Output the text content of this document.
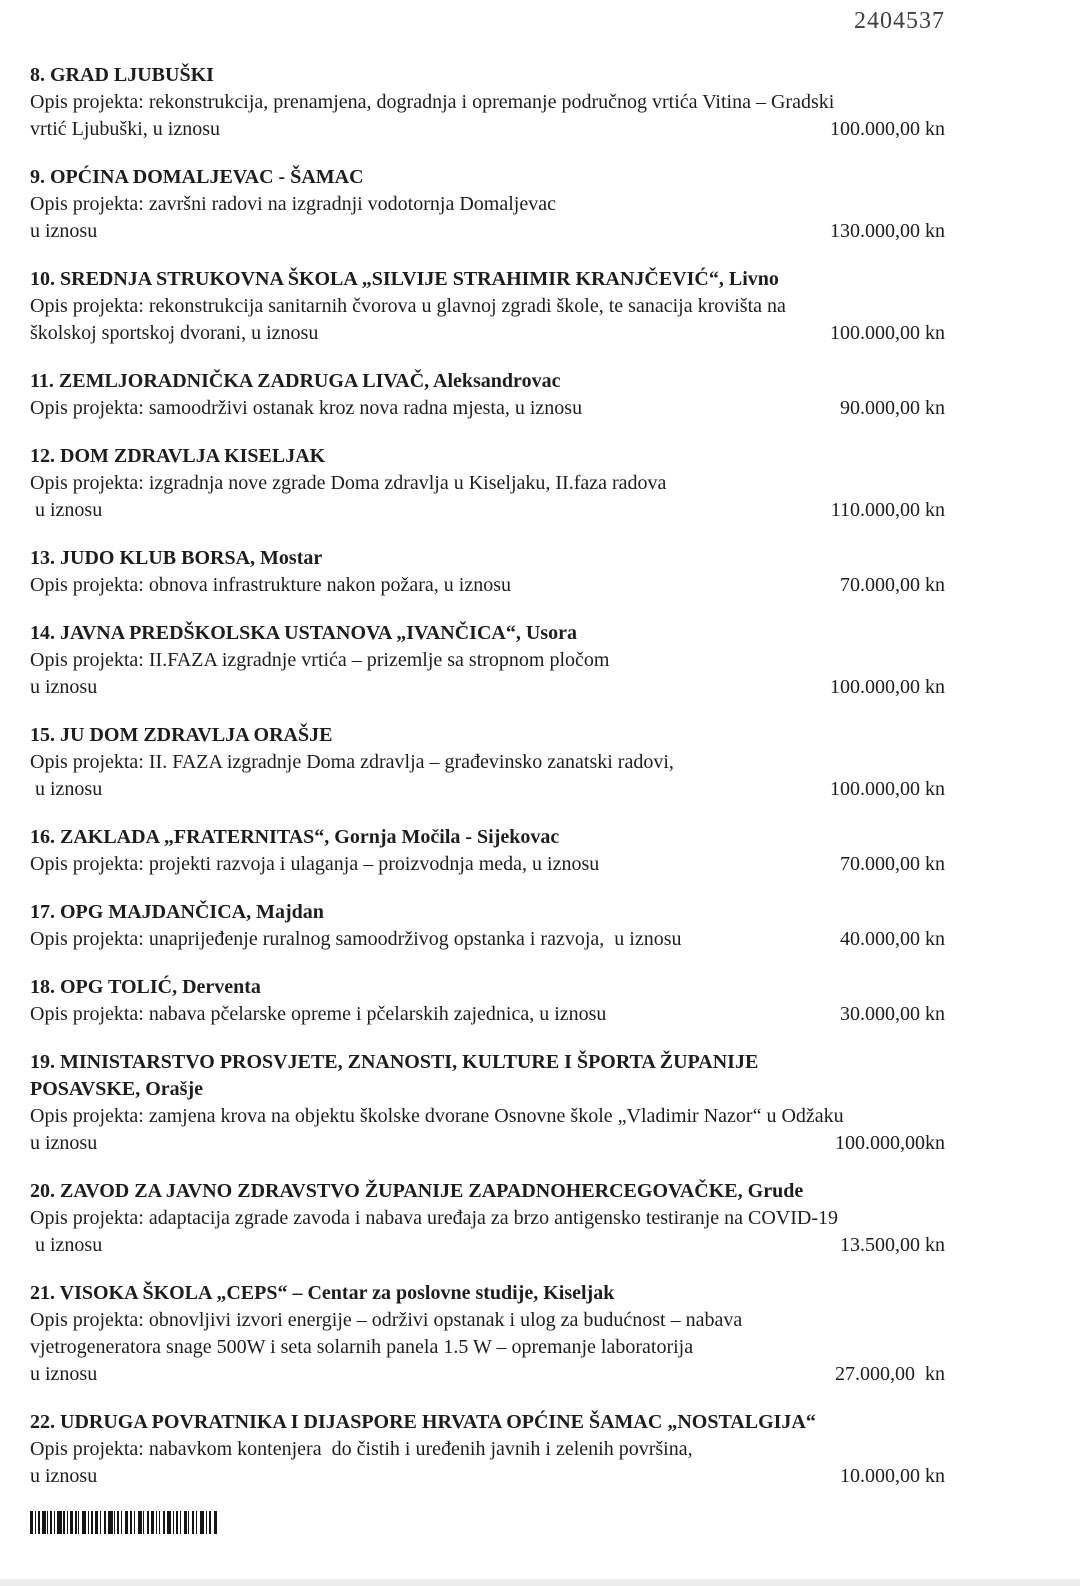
2404537
8. GRAD LJUBUŠKI
Opis projekta: rekonstrukcija, prenamjena, dogradnja i opremanje područnog vrtića Vitina – Gradski
vrtić Ljubuški, u iznosu	100.000,00 kn
9. OPĆINA DOMALJEVAC - ŠAMAC
Opis projekta: završni radovi na izgradnji vodotornja Domaljevac
u iznosu	130.000,00 kn
10. SREDNJA STRUKOVNA ŠKOLA „SILVIJE STRAHIMIR KRANJČEVIĆ“, Livno
Opis projekta: rekonstrukcija sanitarnih čvorova u glavnoj zgradi škole, te sanacija krovišta na
školskoj sportskoj dvorani, u iznosu	100.000,00 kn
11. ZEMLJORADNIČKA ZADRUGA LIVAČ, Aleksandrovac
Opis projekta: samoodrživi ostanak kroz nova radna mjesta, u iznosu	90.000,00 kn
12. DOM ZDRAVLJA KISELJAK
Opis projekta: izgradnja nove zgrade Doma zdravlja u Kiseljaku, II.faza radova
u iznosu	110.000,00 kn
13. JUDO KLUB BORSA, Mostar
Opis projekta: obnova infrastrukture nakon požara, u iznosu	70.000,00 kn
14. JAVNA PREDŠKOLSKA USTANOVA „IVANČICA“, Usora
Opis projekta: II.FAZA izgradnje vrtića – prizemlje sa stropnom pločom
u iznosu	100.000,00 kn
15. JU DOM ZDRAVLJA ORAŠJE
Opis projekta: II. FAZA izgradnje Doma zdravlja – građevinsko zanatski radovi,
u iznosu	100.000,00 kn
16. ZAKLADA „FRATERNITAS“, Gornja Močila - Sijekovac
Opis projekta: projekti razvoja i ulaganja – proizvodnja meda, u iznosu	70.000,00 kn
17. OPG MAJDANČICA, Majdan
Opis projekta: unaprijeđenje ruralnog samoodrživog opstanka i razvoja,  u iznosu	40.000,00 kn
18. OPG TOLIĆ, Derventa
Opis projekta: nabava pčelarske opreme i pčelarskih zajednica, u iznosu	30.000,00 kn
19. MINISTARSTVO PROSVJETE, ZNANOSTI, KULTURE I ŠPORTA ŽUPANIJE
POSAVSKE, Orašje
Opis projekta: zamjena krova na objektu školske dvorane Osnovne škole „Vladimir Nazor“ u Odžaku
u iznosu	100.000,00kn
20. ZAVOD ZA JAVNO ZDRAVSTVO ŽUPANIJE ZAPADNOHERCEGOVAČKE, Grude
Opis projekta: adaptacija zgrade zavoda i nabava uređaja za brzo antigensko testiranje na COVID-19
u iznosu	13.500,00 kn
21. VISOKA ŠKOLA „CEPS“ – Centar za poslovne studije, Kiseljak
Opis projekta: obnovljivi izvori energije – održivi opstanak i ulog za budućnost – nabava
vjetrogeneratora snage 500W i seta solarnih panela 1.5 W – opremanje laboratorija
u iznosu	27.000,00  kn
22. UDRUGA POVRATNIKA I DIJASPORE HRVATA OPĆINE ŠAMAC „NOSTALGIJA“
Opis projekta: nabavkom kontenjera  do čistih i uređenih javnih i zelenih površina,
u iznosu	10.000,00 kn
